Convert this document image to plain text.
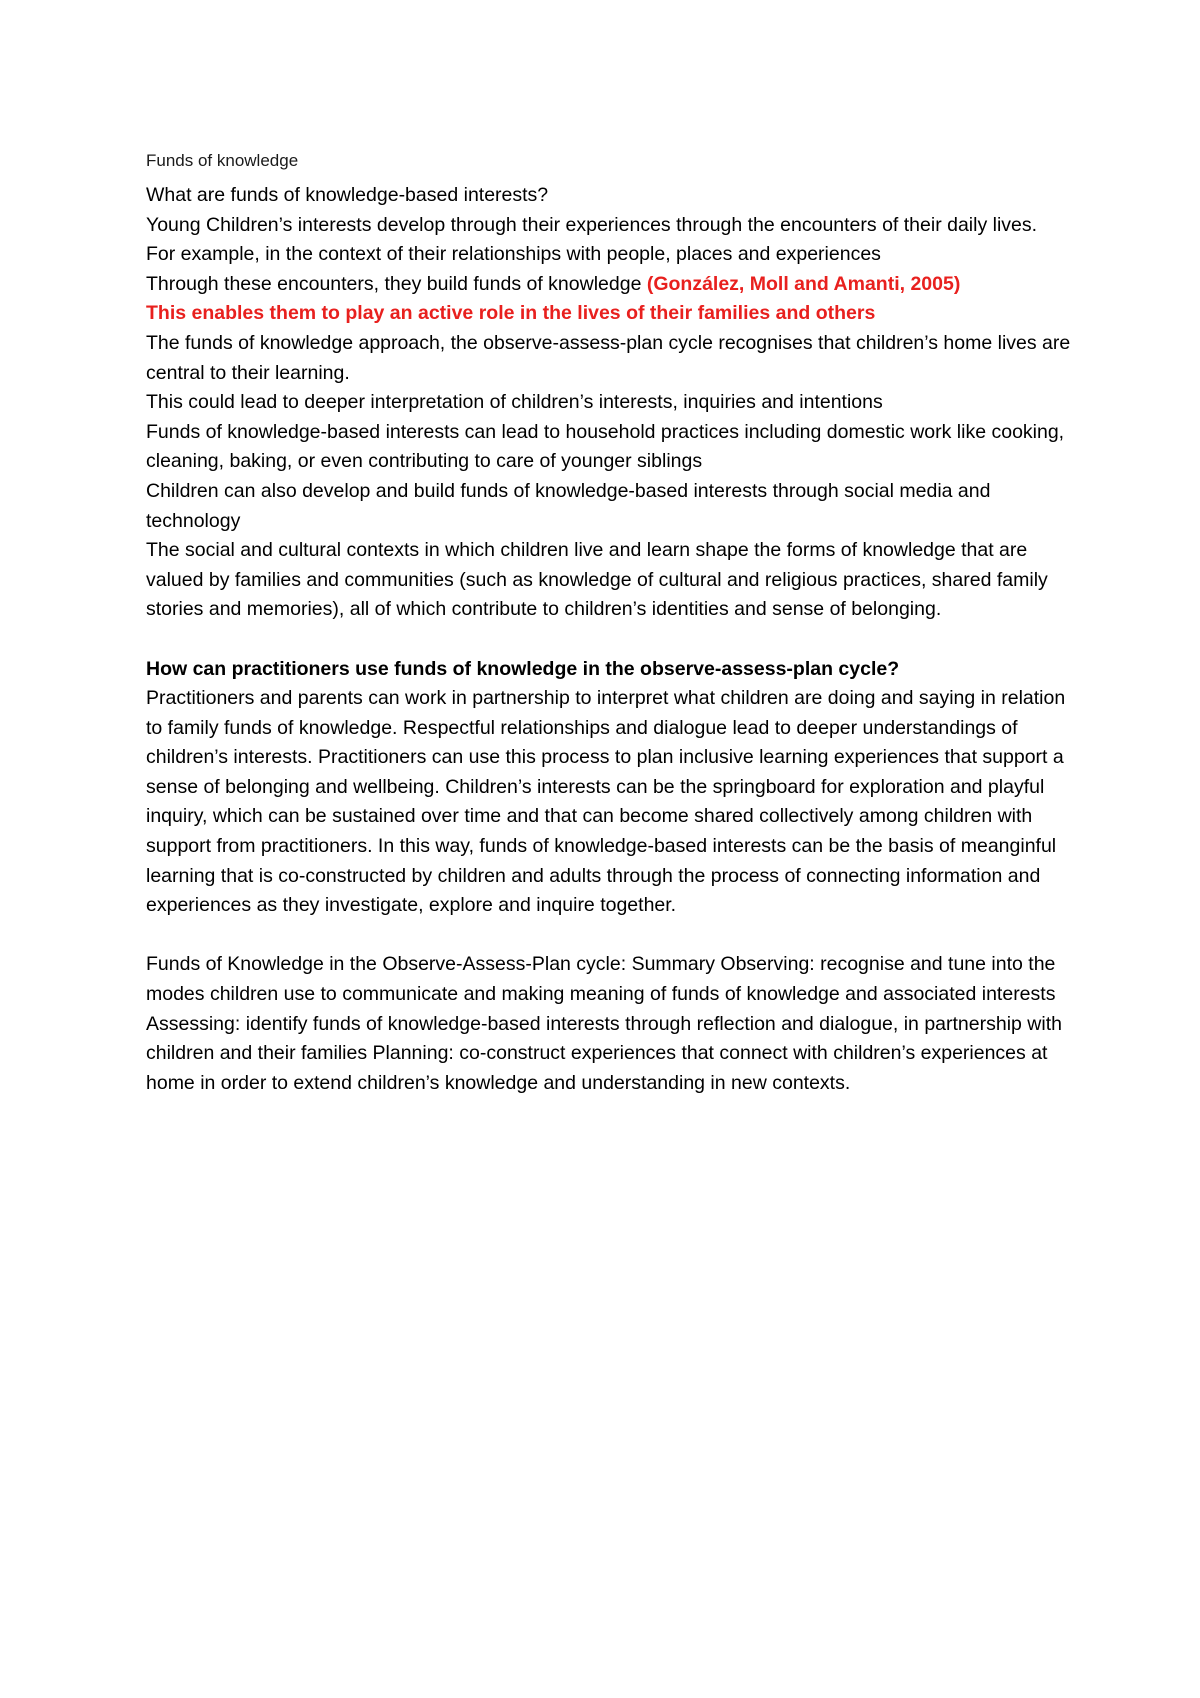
Funds of knowledge

What are funds of knowledge-based interests?

Young Children’s interests develop through their experiences through the encounters of their daily lives.

For example, in the context of their relationships with people, places and experiences

Through these encounters, they build funds of knowledge (González, Moll and Amanti, 2005)

This enables them to play an active role in the lives of their families and others

The funds of knowledge approach, the observe-assess-plan cycle recognises that children’s home lives are central to their learning.

This could lead to deeper interpretation of children’s interests, inquiries and intentions

Funds of knowledge-based interests can lead to household practices including domestic work like cooking, cleaning, baking, or even contributing to care of younger siblings

Children can also develop and build funds of knowledge-based interests through social media and technology

The social and cultural contexts in which children live and learn shape the forms of knowledge that are valued by families and communities (such as knowledge of cultural and religious practices, shared family stories and memories), all of which contribute to children’s identities and sense of belonging.

How can practitioners use funds of knowledge in the observe-assess-plan cycle?

Practitioners and parents can work in partnership to interpret what children are doing and saying in relation to family funds of knowledge. Respectful relationships and dialogue lead to deeper understandings of children’s interests. Practitioners can use this process to plan inclusive learning experiences that support a sense of belonging and wellbeing. Children’s interests can be the springboard for exploration and playful inquiry, which can be sustained over time and that can become shared collectively among children with support from practitioners. In this way, funds of knowledge-based interests can be the basis of meanginful learning that is co-constructed by children and adults through the process of connecting information and experiences as they investigate, explore and inquire together.

Funds of Knowledge in the Observe-Assess-Plan cycle: Summary Observing: recognise and tune into the modes children use to communicate and making meaning of funds of knowledge and associated interests Assessing: identify funds of knowledge-based interests through reflection and dialogue, in partnership with children and their families Planning: co-construct experiences that connect with children’s experiences at home in order to extend children’s knowledge and understanding in new contexts.
